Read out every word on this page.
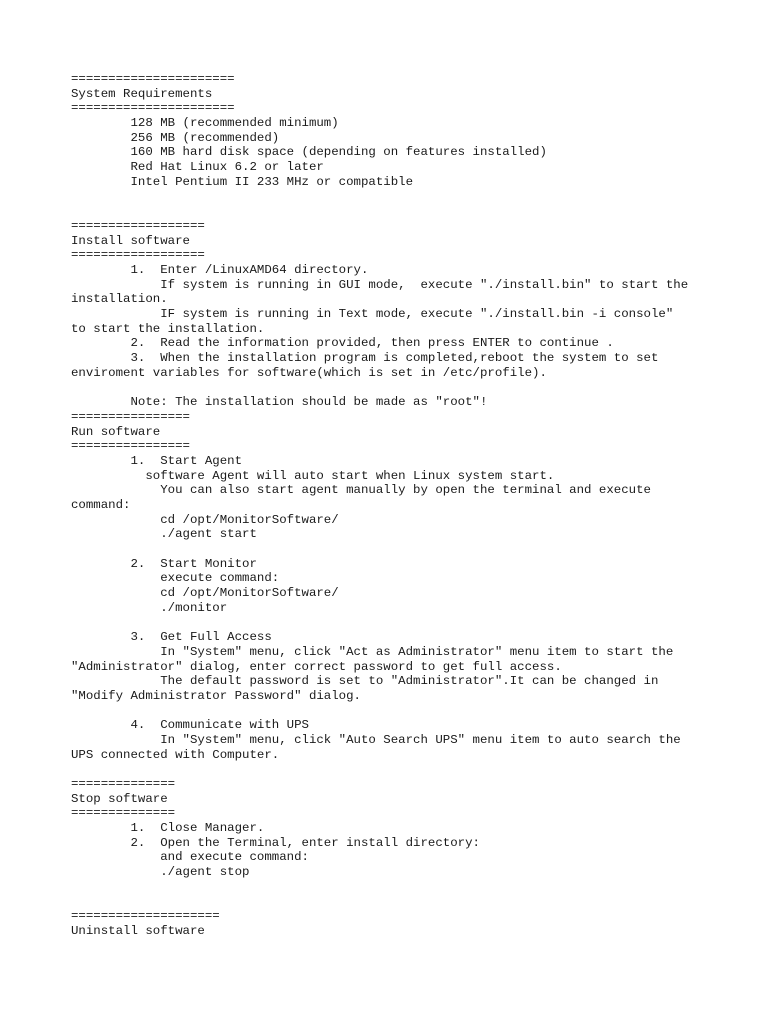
======================
System Requirements
======================
128 MB (recommended minimum)
256 MB (recommended)
160 MB hard disk space (depending on features installed)
Red Hat Linux 6.2 or later
Intel Pentium II 233 MHz or compatible
==================
Install software
==================
1.  Enter /LinuxAMD64 directory.
If system is running in GUI mode,  execute "./install.bin" to start the
installation.
IF system is running in Text mode, execute "./install.bin -i console"
to start the installation.
2.  Read the information provided, then press ENTER to continue .
3.  When the installation program is completed,reboot the system to set
enviroment variables for software(which is set in /etc/profile).
Note: The installation should be made as "root"!
================
Run software
================
1.  Start Agent
software Agent will auto start when Linux system start.
You can also start agent manually by open the terminal and execute
command:
cd /opt/MonitorSoftware/
./agent start
2.  Start Monitor
execute command:
cd /opt/MonitorSoftware/
./monitor
3.  Get Full Access
In "System" menu, click "Act as Administrator" menu item to start the
"Administrator" dialog, enter correct password to get full access.
The default password is set to "Administrator".It can be changed in
"Modify Administrator Password" dialog.
4.  Communicate with UPS
In "System" menu, click "Auto Search UPS" menu item to auto search the
UPS connected with Computer.
==============
Stop software
==============
1.  Close Manager.
2.  Open the Terminal, enter install directory:
and execute command:
./agent stop
====================
Uninstall software
